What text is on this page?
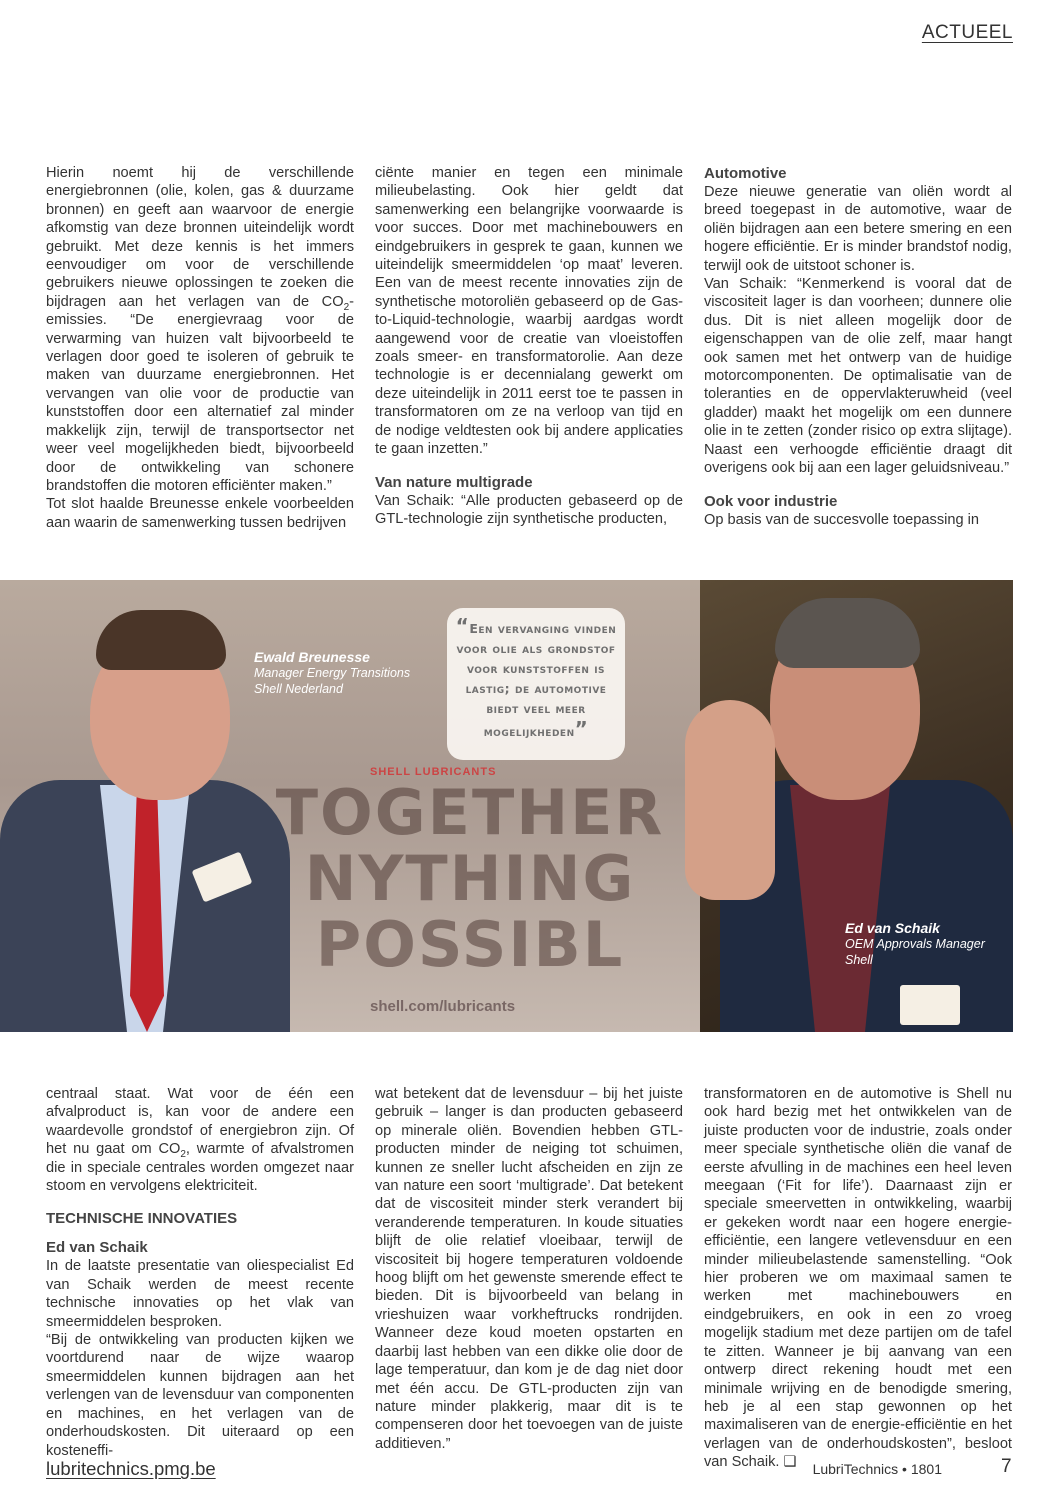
ACTUEEL

Hierin noemt hij de verschillende energiebronnen (olie, kolen, gas & duurzame bronnen) en geeft aan waarvoor de energie afkomstig van deze bronnen uiteindelijk wordt gebruikt. Met deze kennis is het immers eenvoudiger om voor de verschillende gebruikers nieuwe oplossingen te zoeken die bijdragen aan het verlagen van de $CO_2$-emissies. “De energievraag voor de verwarming van huizen valt bijvoorbeeld te verlagen door goed te isoleren of gebruik te maken van duurzame energiebronnen. Het vervangen van olie voor de productie van kunststoffen door een alternatief zal minder makkelijk zijn, terwijl de transportsector net weer veel mogelijkheden biedt, bijvoorbeeld door de ontwikkeling van schonere brandstoffen die motoren efficiënter maken.”

Tot slot haalde Breunesse enkele voorbeelden aan waarin de samenwerking tussen bedrijven

ciënte manier en tegen een minimale milieubelasting. Ook hier geldt dat samenwerking een belangrijke voorwaarde is voor succes. Door met machinebouwers en eindgebruikers in gesprek te gaan, kunnen we uiteindelijk smeermiddelen ‘op maat’ leveren. Een van de meest recente innovaties zijn de synthetische motoroliën gebaseerd op de Gas-to-Liquid-technologie, waarbij aardgas wordt aangewend voor de creatie van vloeistoffen zoals smeer- en transformatorolie. Aan deze technologie is er decennialang gewerkt om deze uiteindelijk in 2011 eerst toe te passen in transformatoren om ze na verloop van tijd en de nodige veldtesten ook bij andere applicaties te gaan inzetten.”

Van nature multigrade

Van Schaik: “Alle producten gebaseerd op de GTL-technologie zijn synthetische producten,

Automotive

Deze nieuwe generatie van oliën wordt al breed toegepast in de automotive, waar de oliën bijdragen aan een betere smering en een hogere efficiëntie. Er is minder brandstof nodig, terwijl ook de uitstoot schoner is.

Van Schaik: “Kenmerkend is vooral dat de viscositeit lager is dan voorheen; dunnere olie dus. Dit is niet alleen mogelijk door de eigenschappen van de olie zelf, maar hangt ook samen met het ontwerp van de huidige motorcomponenten. De optimalisatie van de toleranties en de oppervlakteruwheid (veel gladder) maakt het mogelijk om een dunnere olie in te zetten (zonder risico op extra slijtage). Naast een verhoogde efficiëntie draagt dit overigens ook bij aan een lager geluidsniveau.”

Ook voor industrie

Op basis van de succesvolle toepassing in

SHELL LUBRICANTS
TOGETHER NYTHING POSSIBL
shell.com/lubricants
Ewald Breunesse
Manager Energy Transitions
Shell Nederland
“Een vervanging vinden voor olie als grondstof voor kunststoffen is lastig; de automotive biedt veel meer mogelijkheden”
Ed van Schaik
OEM Approvals Manager
Shell

centraal staat. Wat voor de één een afvalproduct is, kan voor de andere een waardevolle grondstof of energiebron zijn. Of het nu gaat om $CO_2$, warmte of afvalstromen die in speciale centrales worden omgezet naar stoom en vervolgens elektriciteit.

TECHNISCHE INNOVATIES
Ed van Schaik

In de laatste presentatie van oliespecialist Ed van Schaik werden de meest recente technische innovaties op het vlak van smeermiddelen besproken.

“Bij de ontwikkeling van producten kijken we voortdurend naar de wijze waarop smeermiddelen kunnen bijdragen aan het verlengen van de levensduur van componenten en machines, en het verlagen van de onderhoudskosten. Dit uiteraard op een kosteneffi-

wat betekent dat de levensduur – bij het juiste gebruik – langer is dan producten gebaseerd op minerale oliën. Bovendien hebben GTL-producten minder de neiging tot schuimen, kunnen ze sneller lucht afscheiden en zijn ze van nature een soort ‘multigrade’. Dat betekent dat de viscositeit minder sterk verandert bij veranderende temperaturen. In koude situaties blijft de olie relatief vloeibaar, terwijl de viscositeit bij hogere temperaturen voldoende hoog blijft om het gewenste smerende effect te bieden. Dit is bijvoorbeeld van belang in vrieshuizen waar vorkheftrucks rondrijden. Wanneer deze koud moeten opstarten en daarbij last hebben van een dikke olie door de lage temperatuur, dan kom je de dag niet door met één accu. De GTL-producten zijn van nature minder plakkerig, maar dit is te compenseren door het toevoegen van de juiste additieven.”

transformatoren en de automotive is Shell nu ook hard bezig met het ontwikkelen van de juiste producten voor de industrie, zoals onder meer speciale synthetische oliën die vanaf de eerste afvulling in de machines een heel leven meegaan (‘Fit for life’). Daarnaast zijn er speciale smeervetten in ontwikkeling, waarbij er gekeken wordt naar een hogere energie-efficiëntie, een langere vetlevensduur en een minder milieubelastende samenstelling. “Ook hier proberen we om maximaal samen te werken met machinebouwers en eindgebruikers, en ook in een zo vroeg mogelijk stadium met deze partijen om de tafel te zitten. Wanneer je bij aanvang van een ontwerp direct rekening houdt met een minimale wrijving en de benodigde smering, heb je al een stap gewonnen op het maximaliseren van de energie-efficiëntie en het verlagen van de onderhoudskosten”, besloot van Schaik. ❑

lubritechnics.pmg.be	LubriTechnics • 1801	7
